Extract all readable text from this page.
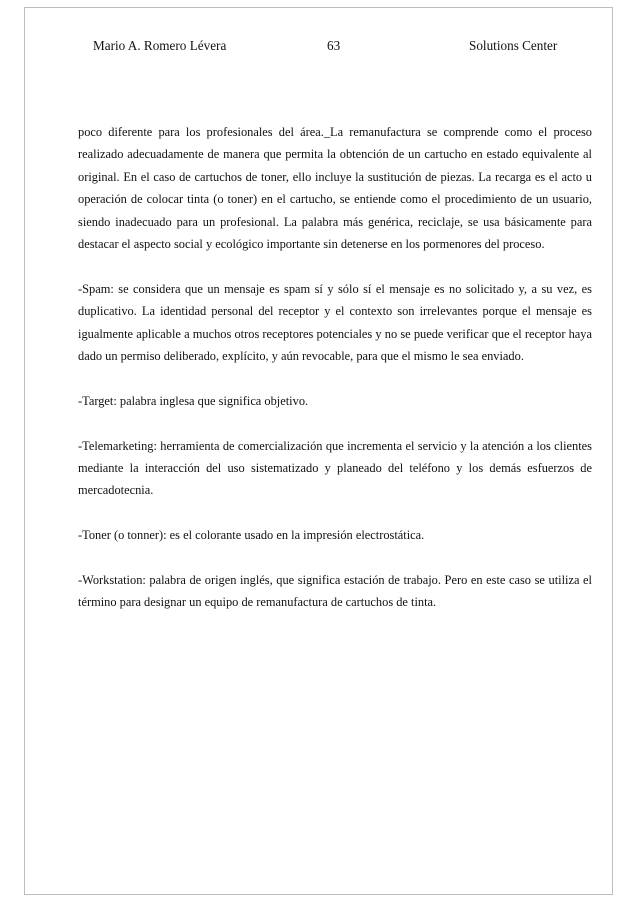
Mario A. Romero Lévera	63	Solutions Center

poco diferente para los profesionales del área._La remanufactura se comprende como el proceso realizado adecuadamente de manera que permita la obtención de un cartucho en estado equivalente al original. En el caso de cartuchos de toner, ello incluye la sustitución de piezas. La recarga es el acto u operación de colocar tinta (o toner) en el cartucho, se entiende como el procedimiento de un usuario, siendo inadecuado para un profesional. La palabra más genérica, reciclaje, se usa básicamente para destacar el aspecto social y ecológico importante sin detenerse en los pormenores del proceso.

-Spam: se considera que un mensaje es spam sí y sólo sí el mensaje es no solicitado y, a su vez, es duplicativo. La identidad personal del receptor y el contexto son irrelevantes porque el mensaje es igualmente aplicable a muchos otros receptores potenciales y no se puede verificar que el receptor haya dado un permiso deliberado, explícito, y aún revocable, para que el mismo le sea enviado.

-Target: palabra inglesa que significa objetivo.

-Telemarketing: herramienta de comercialización que incrementa el servicio y la atención a los clientes mediante la interacción del uso sistematizado y planeado del teléfono y los demás esfuerzos de mercadotecnia.

-Toner (o tonner): es el colorante usado en la impresión electrostática.

-Workstation: palabra de origen inglés, que significa estación de trabajo. Pero en este caso se utiliza el término para designar un equipo de remanufactura de cartuchos de tinta.
